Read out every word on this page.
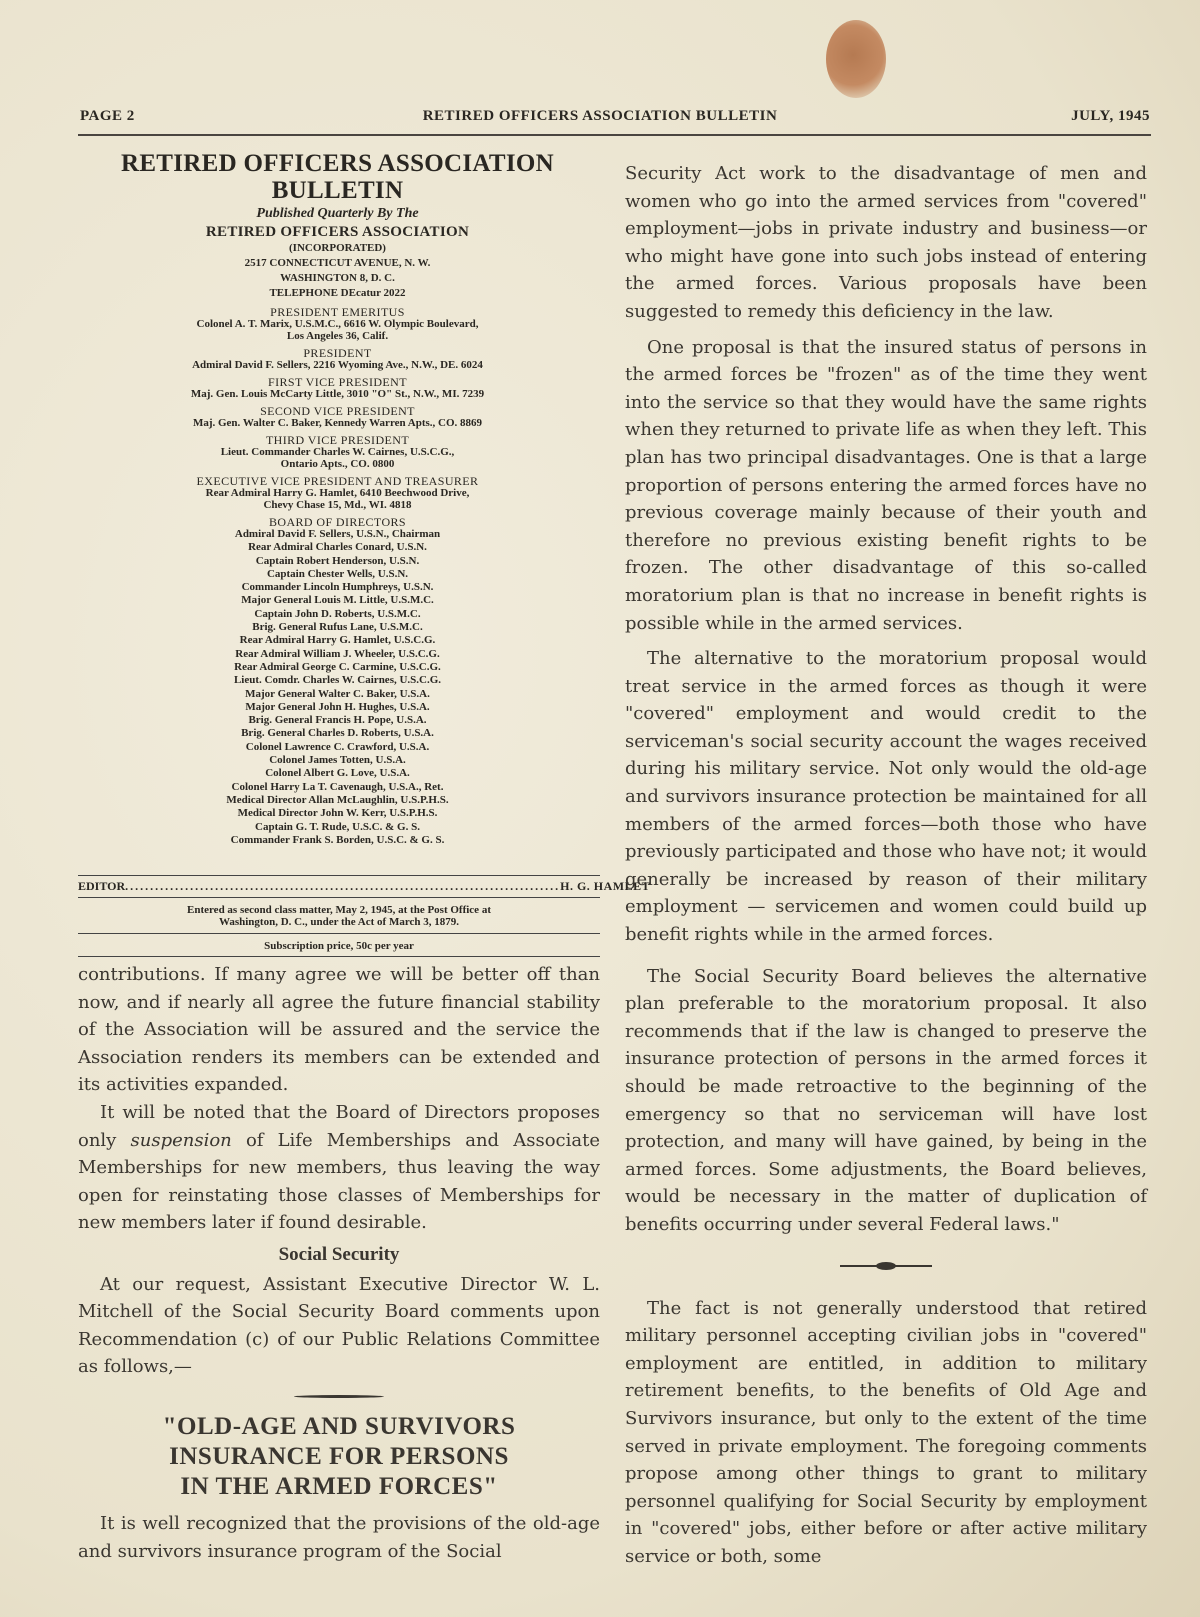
PAGE 2	RETIRED OFFICERS ASSOCIATION BULLETIN	JULY, 1945
RETIRED OFFICERS ASSOCIATION
BULLETIN
Published Quarterly By The
RETIRED OFFICERS ASSOCIATION
(INCORPORATED)
2517 CONNECTICUT AVENUE, N. W.
WASHINGTON 8, D. C.
TELEPHONE DEcatur 2022
PRESIDENT EMERITUS
Colonel A. T. Marix, U.S.M.C., 6616 W. Olympic Boulevard,
Los Angeles 36, Calif.
PRESIDENT
Admiral David F. Sellers, 2216 Wyoming Ave., N.W., DE. 6024
FIRST VICE PRESIDENT
Maj. Gen. Louis McCarty Little, 3010 "O" St., N.W., MI. 7239
SECOND VICE PRESIDENT
Maj. Gen. Walter C. Baker, Kennedy Warren Apts., CO. 8869
THIRD VICE PRESIDENT
Lieut. Commander Charles W. Cairnes, U.S.C.G.,
Ontario Apts., CO. 0800
EXECUTIVE VICE PRESIDENT AND TREASURER
Rear Admiral Harry G. Hamlet, 6410 Beechwood Drive,
Chevy Chase 15, Md., WI. 4818
BOARD OF DIRECTORS
Admiral David F. Sellers, U.S.N., Chairman
Rear Admiral Charles Conard, U.S.N.
Captain Robert Henderson, U.S.N.
Captain Chester Wells, U.S.N.
Commander Lincoln Humphreys, U.S.N.
Major General Louis M. Little, U.S.M.C.
Captain John D. Roberts, U.S.M.C.
Brig. General Rufus Lane, U.S.M.C.
Rear Admiral Harry G. Hamlet, U.S.C.G.
Rear Admiral William J. Wheeler, U.S.C.G.
Rear Admiral George C. Carmine, U.S.C.G.
Lieut. Comdr. Charles W. Cairnes, U.S.C.G.
Major General Walter C. Baker, U.S.A.
Major General John H. Hughes, U.S.A.
Brig. General Francis H. Pope, U.S.A.
Brig. General Charles D. Roberts, U.S.A.
Colonel Lawrence C. Crawford, U.S.A.
Colonel James Totten, U.S.A.
Colonel Albert G. Love, U.S.A.
Colonel Harry La T. Cavenaugh, U.S.A., Ret.
Medical Director Allan McLaughlin, U.S.P.H.S.
Medical Director John W. Kerr, U.S.P.H.S.
Captain G. T. Rude, U.S.C. & G. S.
Commander Frank S. Borden, U.S.C. & G. S.
EDITOR ....................................................................................... H. G. HAMLET
Entered as second class matter, May 2, 1945, at the Post Office at
Washington, D. C., under the Act of March 3, 1879.
Subscription price, 50c per year

contributions. If many agree we will be better off than now, and if nearly all agree the future financial stability of the Association will be assured and the service the Association renders its members can be extended and its activities expanded.

It will be noted that the Board of Directors proposes only suspension of Life Memberships and Associate Memberships for new members, thus leaving the way open for reinstating those classes of Memberships for new members later if found desirable.

Social Security

At our request, Assistant Executive Director W. L. Mitchell of the Social Security Board comments upon Recommendation (c) of our Public Relations Committee as follows,—

"OLD-AGE AND SURVIVORS
INSURANCE FOR PERSONS
IN THE ARMED FORCES"

It is well recognized that the provisions of the old-age and survivors insurance program of the Social

Security Act work to the disadvantage of men and women who go into the armed services from "covered" employment—jobs in private industry and business—or who might have gone into such jobs instead of entering the armed forces. Various proposals have been suggested to remedy this deficiency in the law.

One proposal is that the insured status of persons in the armed forces be "frozen" as of the time they went into the service so that they would have the same rights when they returned to private life as when they left. This plan has two principal disadvantages. One is that a large proportion of persons entering the armed forces have no previous coverage mainly because of their youth and therefore no previous existing benefit rights to be frozen. The other disadvantage of this so-called moratorium plan is that no increase in benefit rights is possible while in the armed services.

The alternative to the moratorium proposal would treat service in the armed forces as though it were "covered" employment and would credit to the serviceman's social security account the wages received during his military service. Not only would the old-age and survivors insurance protection be maintained for all members of the armed forces—both those who have previously participated and those who have not; it would generally be increased by reason of their military employment — servicemen and women could build up benefit rights while in the armed forces.

The Social Security Board believes the alternative plan preferable to the moratorium proposal. It also recommends that if the law is changed to preserve the insurance protection of persons in the armed forces it should be made retroactive to the beginning of the emergency so that no serviceman will have lost protection, and many will have gained, by being in the armed forces. Some adjustments, the Board believes, would be necessary in the matter of duplication of benefits occurring under several Federal laws."

The fact is not generally understood that retired military personnel accepting civilian jobs in "covered" employment are entitled, in addition to military retirement benefits, to the benefits of Old Age and Survivors insurance, but only to the extent of the time served in private employment. The foregoing comments propose among other things to grant to military personnel qualifying for Social Security by employment in "covered" jobs, either before or after active military service or both, some
